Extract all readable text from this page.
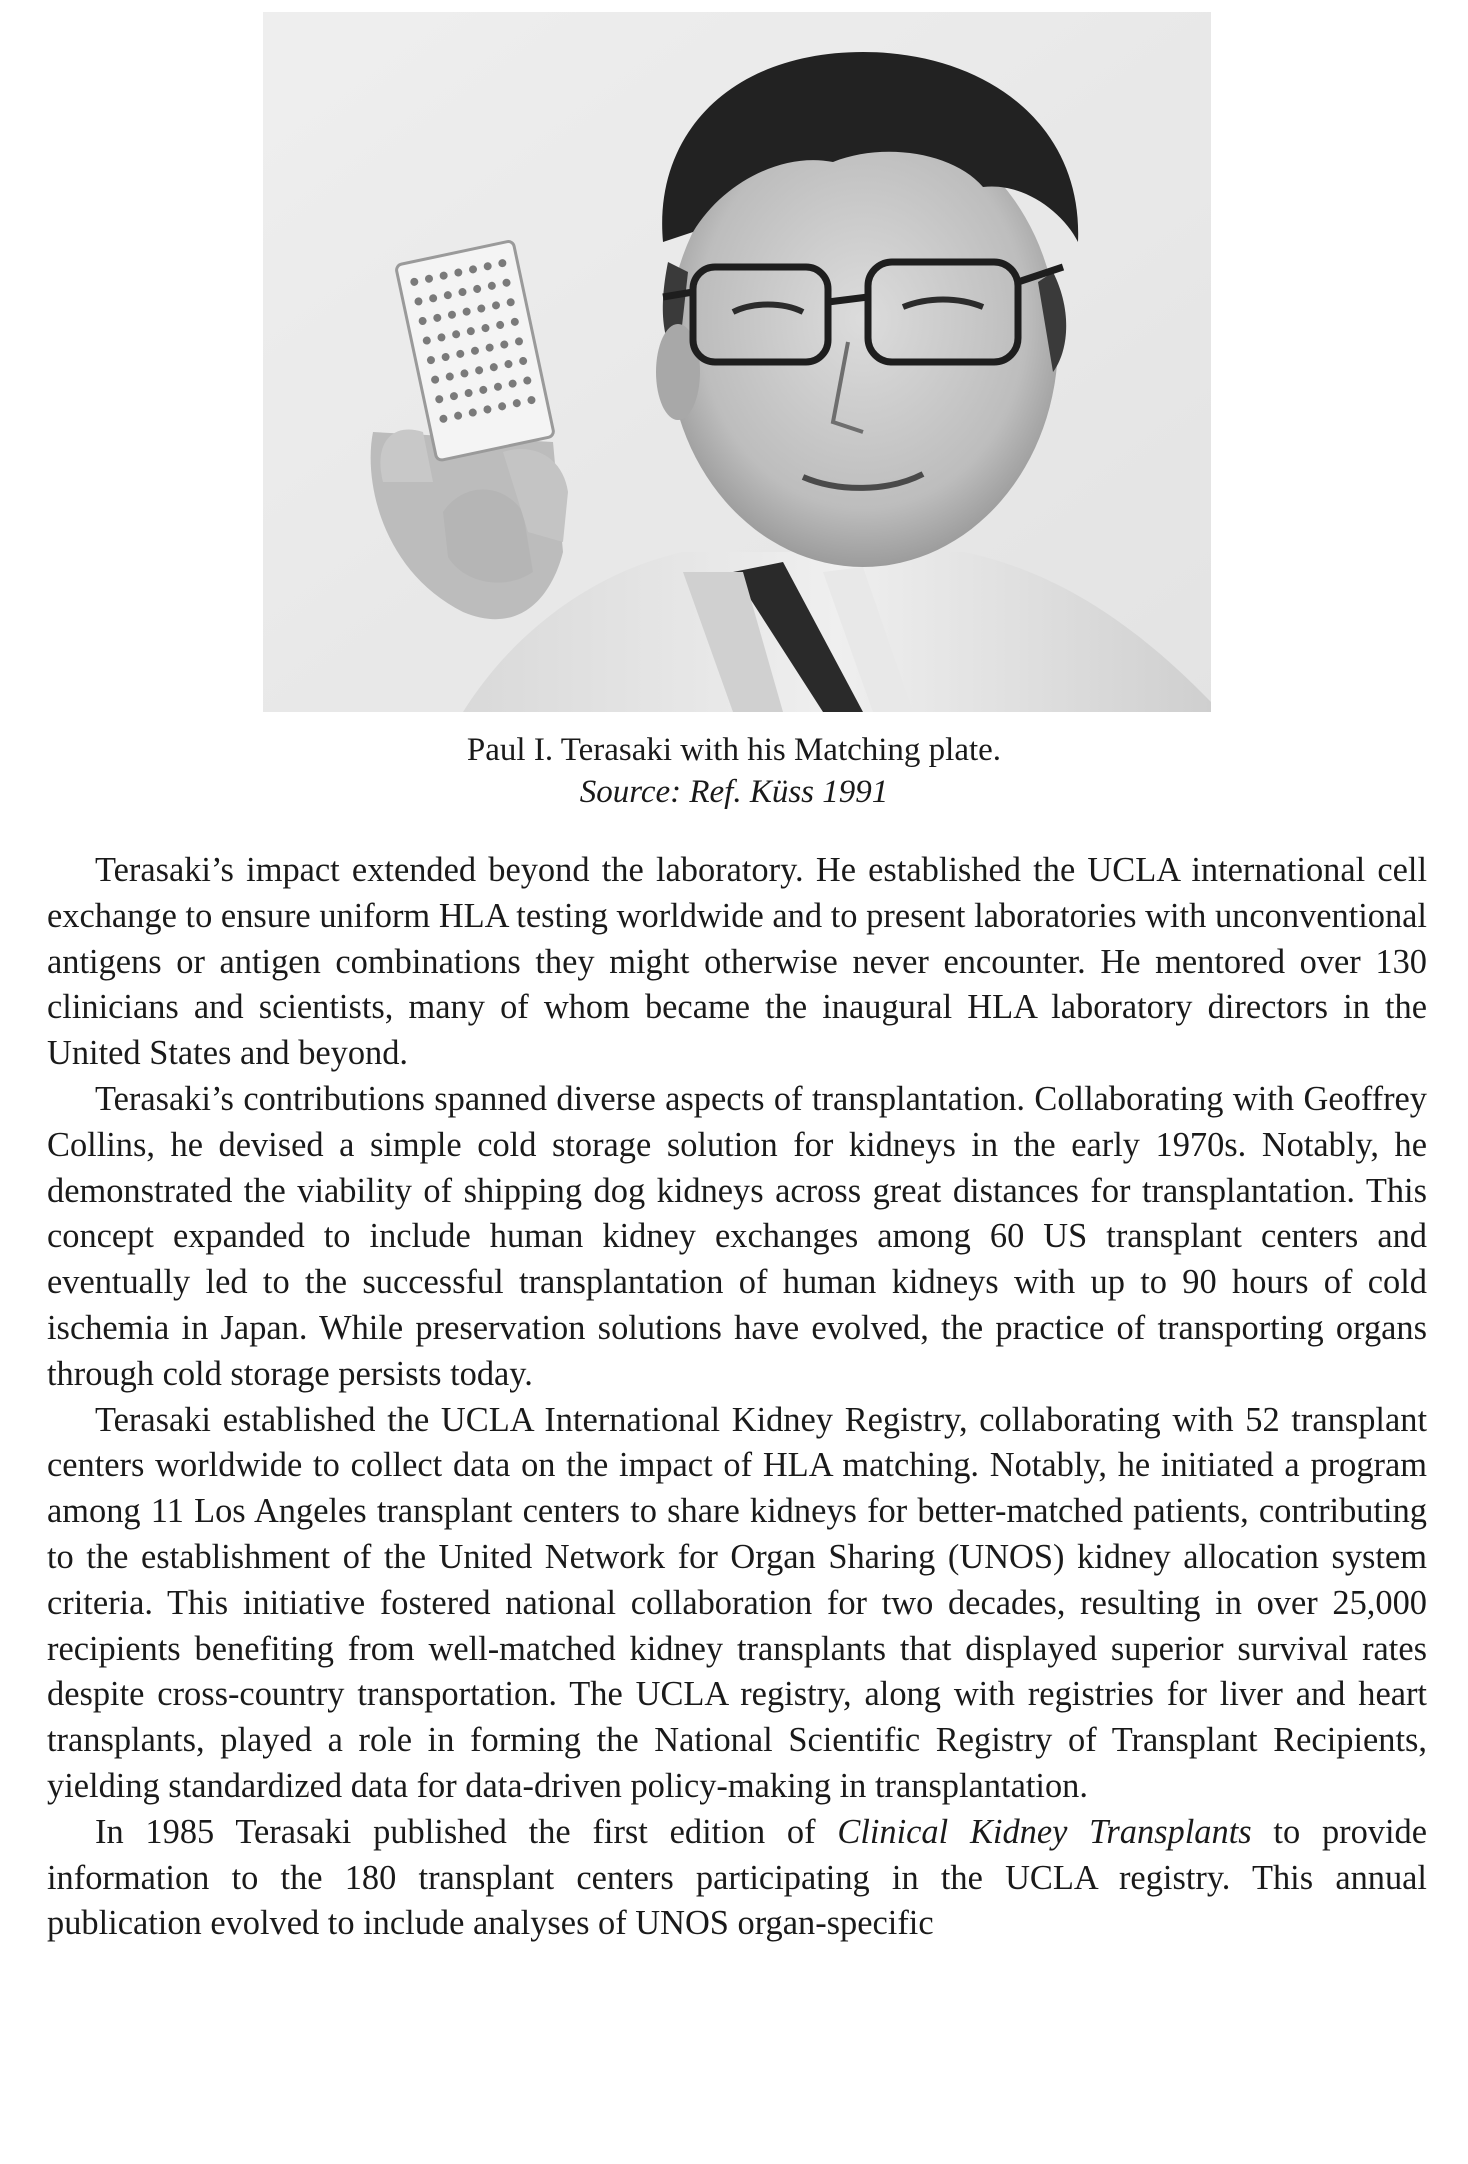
Paul I. Terasaki with his Matching plate.
Source: Ref. Küss 1991

Terasaki’s impact extended beyond the laboratory. He established the UCLA international cell exchange to ensure uniform HLA testing worldwide and to present laboratories with unconventional antigens or antigen combinations they might otherwise never encounter. He mentored over 130 clinicians and scientists, many of whom became the inaugural HLA laboratory directors in the United States and beyond.

Terasaki’s contributions spanned diverse aspects of transplantation. Collaborating with Geoffrey Collins, he devised a simple cold storage solution for kidneys in the early 1970s. Notably, he demonstrated the viability of shipping dog kidneys across great distances for transplantation. This concept expanded to include human kidney exchanges among 60 US transplant centers and eventually led to the successful transplantation of human kidneys with up to 90 hours of cold ischemia in Japan. While preservation solutions have evolved, the practice of transporting organs through cold storage persists today.

Terasaki established the UCLA International Kidney Registry, collaborating with 52 transplant centers worldwide to collect data on the impact of HLA matching. Notably, he initiated a program among 11 Los Angeles transplant centers to share kidneys for better-matched patients, contributing to the establishment of the United Network for Organ Sharing (UNOS) kidney allocation system criteria. This initiative fostered national collaboration for two decades, resulting in over 25,000 recipients benefiting from well-matched kidney transplants that displayed superior survival rates despite cross-country transportation. The UCLA registry, along with registries for liver and heart transplants, played a role in forming the National Scientific Registry of Transplant Recipients, yielding standardized data for data-driven policy-making in transplantation.

In 1985 Terasaki published the first edition of Clinical Kidney Transplants to provide information to the 180 transplant centers participating in the UCLA registry. This annual publication evolved to include analyses of UNOS organ-specific
